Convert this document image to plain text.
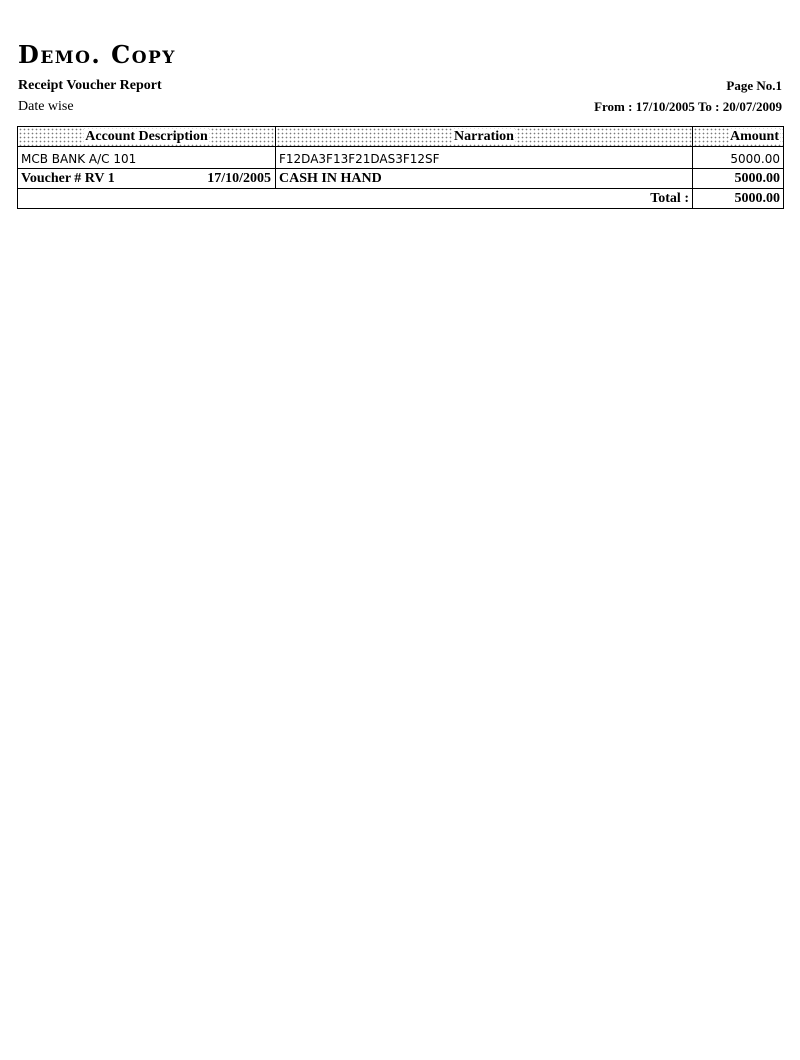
Demo. Copy
Receipt Voucher Report	Page No.1
Date wise	From : 17/10/2005 To : 20/07/2009
Account Description	Narration	Amount
MCB BANK A/C 101	F12DA3F13F21DAS3F12SF	5000.00

Voucher # RV 1 17/10/2005	CASH IN HAND	5000.00
Total :		5000.00
